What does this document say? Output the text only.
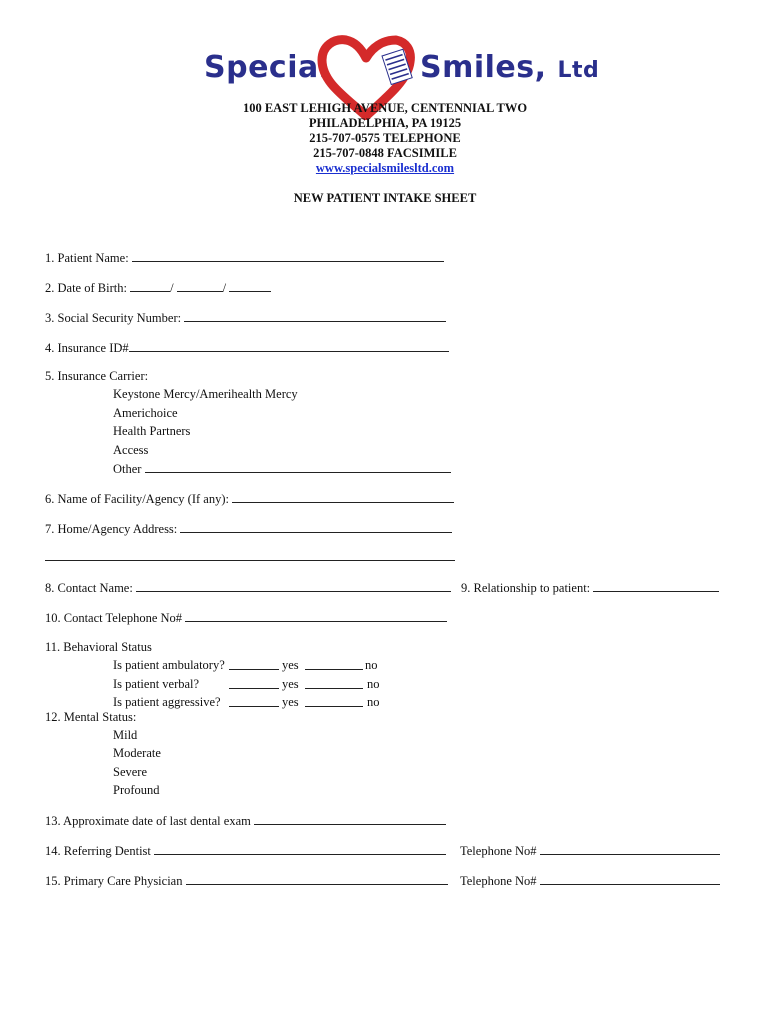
Special	Smiles, Ltd
100 EAST LEHIGH AVENUE, CENTENNIAL TWO
PHILADELPHIA, PA 19125
215-707-0575 TELEPHONE
215-707-0848 FACSIMILE
www.specialsmilesltd.com
NEW PATIENT INTAKE SHEET
1. Patient Name:
2. Date of Birth:	/	/
3. Social Security Number:
4. Insurance ID#
5. Insurance Carrier:
Keystone Mercy/Amerihealth Mercy
Americhoice
Health Partners
Access
Other
6. Name of Facility/Agency (If any):
7. Home/Agency Address:
8. Contact Name:	9. Relationship to patient:
10. Contact Telephone No#
11. Behavioral Status
Is patient ambulatory?	yes	no
Is patient verbal?	yes	no
Is patient aggressive?	yes	no
12. Mental Status:
Mild
Moderate
Severe
Profound
13. Approximate date of last dental exam
14. Referring Dentist	Telephone No#
15. Primary Care Physician	Telephone No#
